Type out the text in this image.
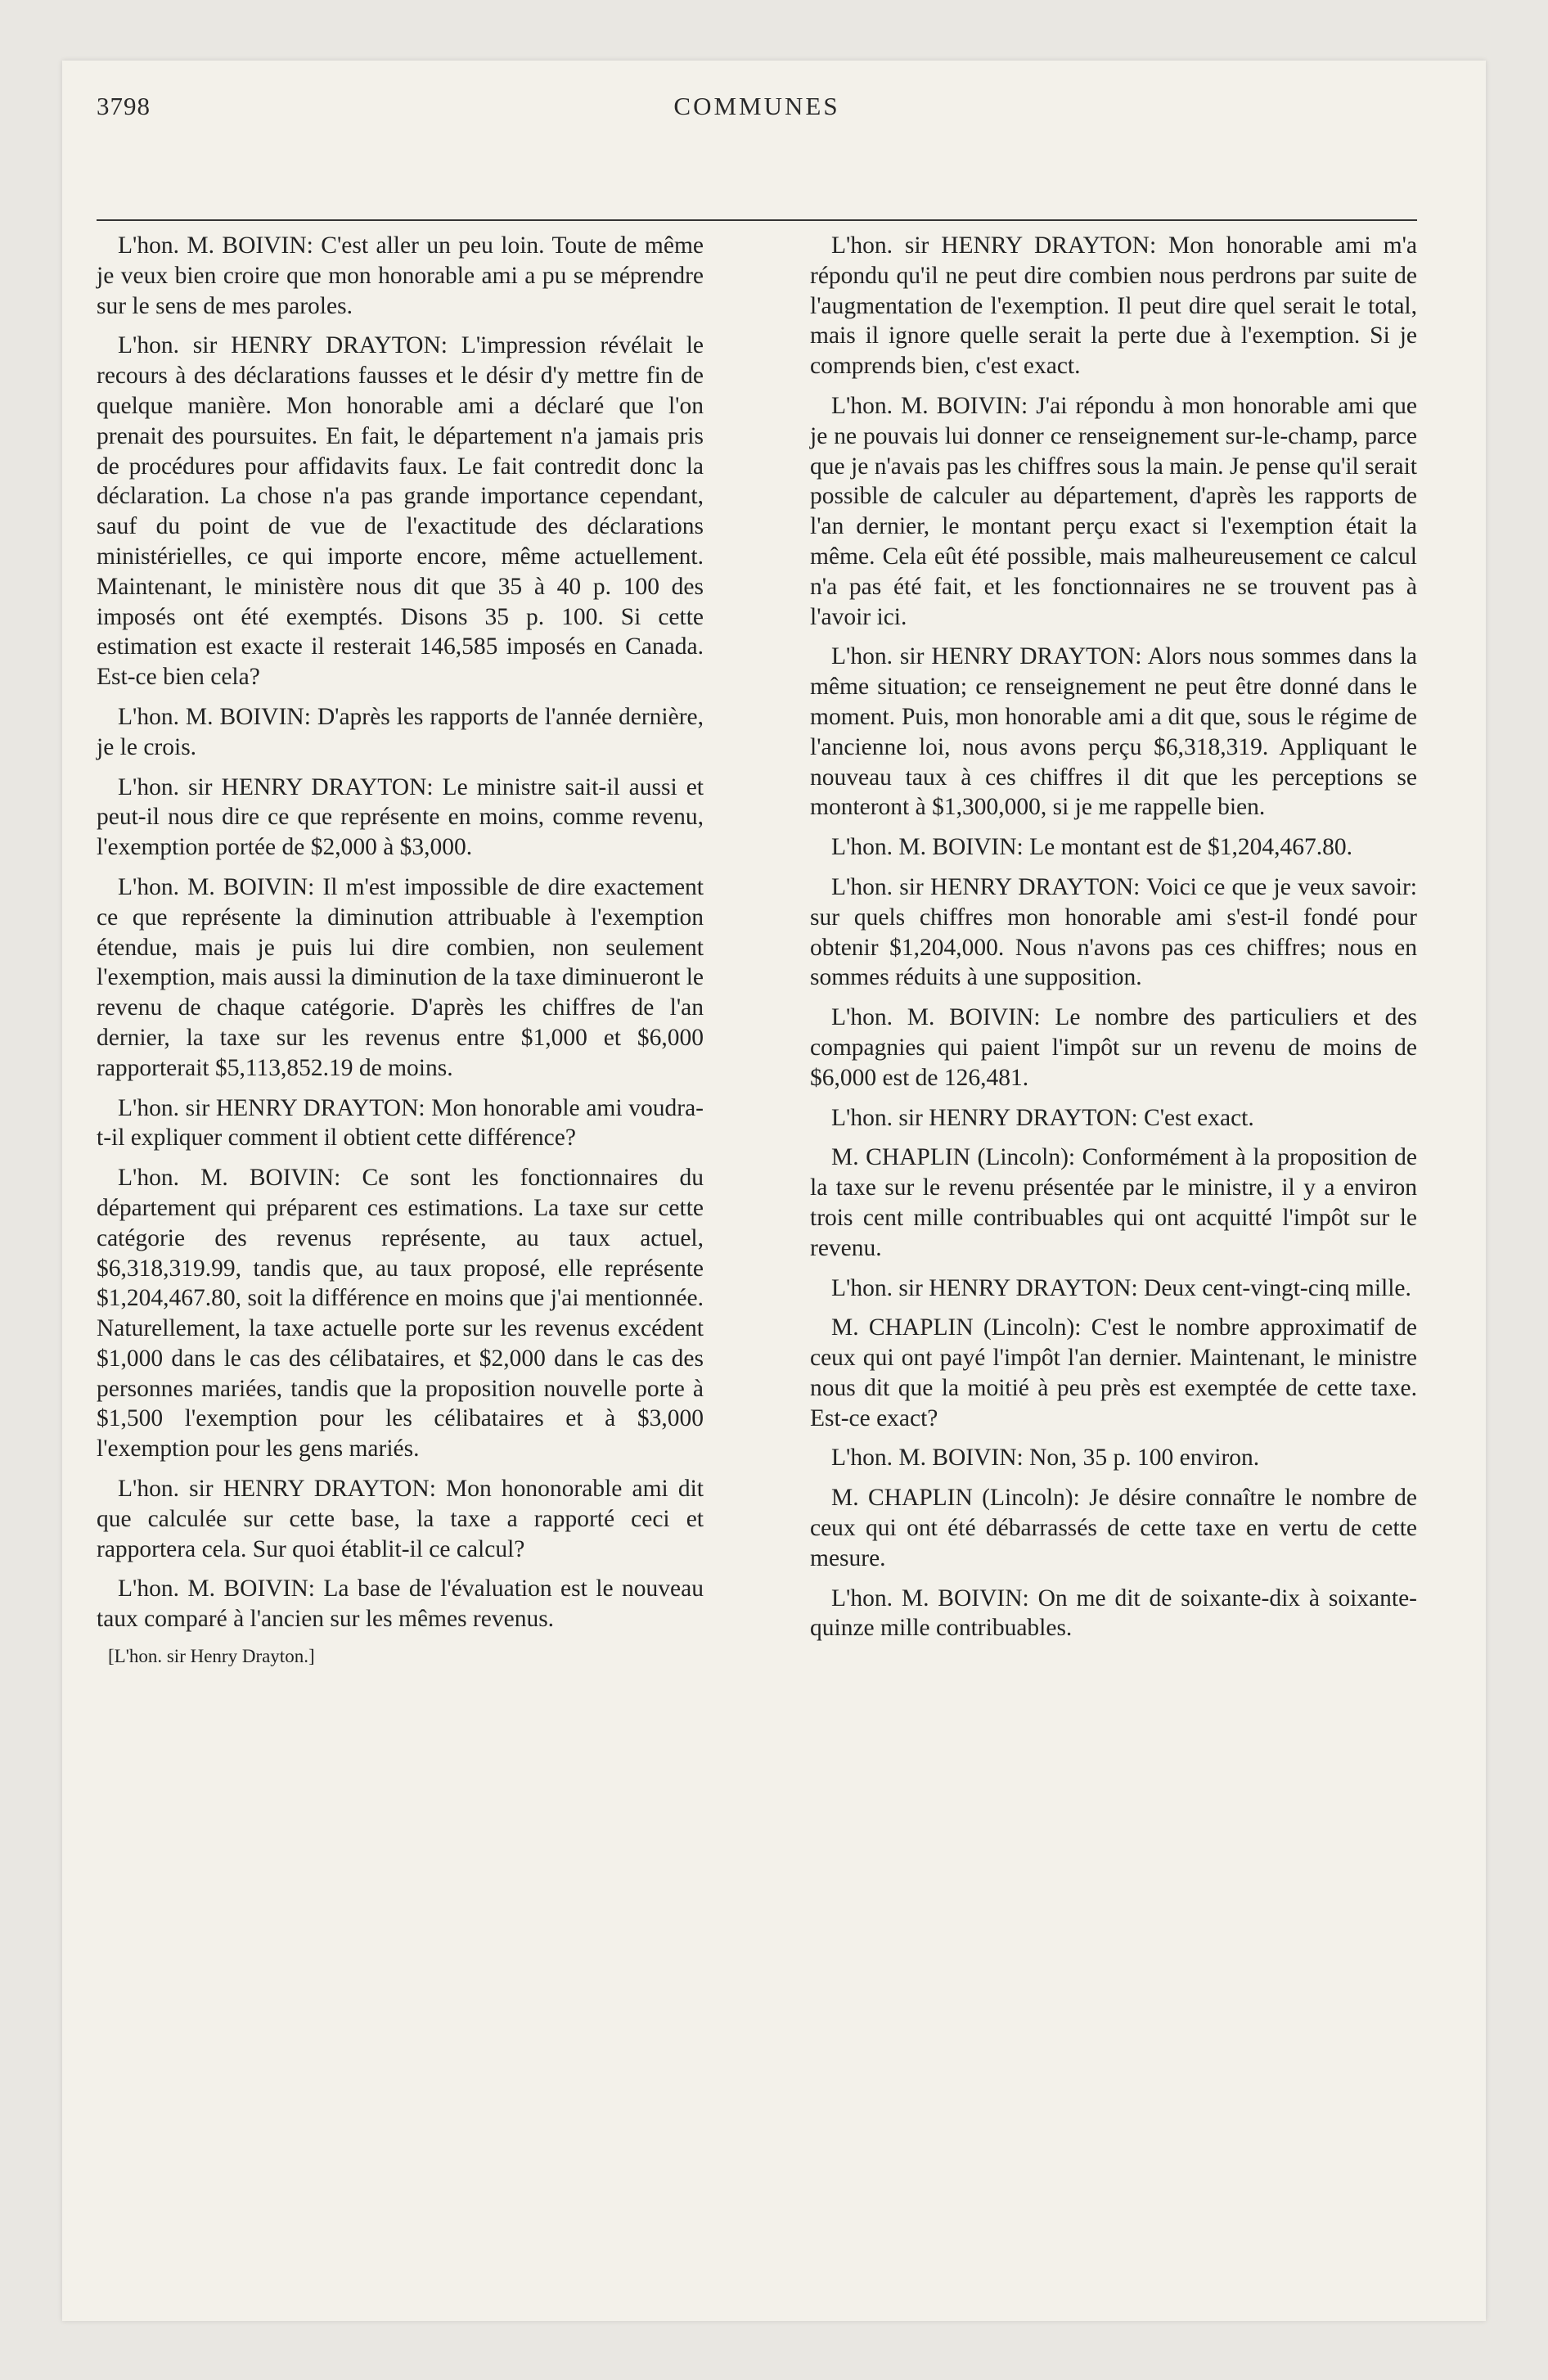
3798	COMMUNES

L'hon. M. BOIVIN: C'est aller un peu loin. Toute de même je veux bien croire que mon honorable ami a pu se méprendre sur le sens de mes paroles.

L'hon. sir HENRY DRAYTON: L'impression révélait le recours à des déclarations fausses et le désir d'y mettre fin de quelque manière. Mon honorable ami a déclaré que l'on prenait des poursuites. En fait, le département n'a jamais pris de procédures pour affidavits faux. Le fait contredit donc la déclaration. La chose n'a pas grande importance cependant, sauf du point de vue de l'exactitude des déclarations ministérielles, ce qui importe encore, même actuellement. Maintenant, le ministère nous dit que 35 à 40 p. 100 des imposés ont été exemptés. Disons 35 p. 100. Si cette estimation est exacte il resterait 146,585 imposés en Canada. Est-ce bien cela?

L'hon. M. BOIVIN: D'après les rapports de l'année dernière, je le crois.

L'hon. sir HENRY DRAYTON: Le ministre sait-il aussi et peut-il nous dire ce que représente en moins, comme revenu, l'exemption portée de $2,000 à $3,000.

L'hon. M. BOIVIN: Il m'est impossible de dire exactement ce que représente la diminution attribuable à l'exemption étendue, mais je puis lui dire combien, non seulement l'exemption, mais aussi la diminution de la taxe diminueront le revenu de chaque catégorie. D'après les chiffres de l'an dernier, la taxe sur les revenus entre $1,000 et $6,000 rapporterait $5,113,852.19 de moins.

L'hon. sir HENRY DRAYTON: Mon honorable ami voudra-t-il expliquer comment il obtient cette différence?

L'hon. M. BOIVIN: Ce sont les fonctionnaires du département qui préparent ces estimations. La taxe sur cette catégorie des revenus représente, au taux actuel, $6,318,319.99, tandis que, au taux proposé, elle représente $1,204,467.80, soit la différence en moins que j'ai mentionnée. Naturellement, la taxe actuelle porte sur les revenus excédent $1,000 dans le cas des célibataires, et $2,000 dans le cas des personnes mariées, tandis que la proposition nouvelle porte à $1,500 l'exemption pour les célibataires et à $3,000 l'exemption pour les gens mariés.

L'hon. sir HENRY DRAYTON: Mon hononorable ami dit que calculée sur cette base, la taxe a rapporté ceci et rapportera cela. Sur quoi établit-il ce calcul?

L'hon. M. BOIVIN: La base de l'évaluation est le nouveau taux comparé à l'ancien sur les mêmes revenus.

[L'hon. sir Henry Drayton.]

L'hon. sir HENRY DRAYTON: Mon honorable ami m'a répondu qu'il ne peut dire combien nous perdrons par suite de l'augmentation de l'exemption. Il peut dire quel serait le total, mais il ignore quelle serait la perte due à l'exemption. Si je comprends bien, c'est exact.

L'hon. M. BOIVIN: J'ai répondu à mon honorable ami que je ne pouvais lui donner ce renseignement sur-le-champ, parce que je n'avais pas les chiffres sous la main. Je pense qu'il serait possible de calculer au département, d'après les rapports de l'an dernier, le montant perçu exact si l'exemption était la même. Cela eût été possible, mais malheureusement ce calcul n'a pas été fait, et les fonctionnaires ne se trouvent pas à l'avoir ici.

L'hon. sir HENRY DRAYTON: Alors nous sommes dans la même situation; ce renseignement ne peut être donné dans le moment. Puis, mon honorable ami a dit que, sous le régime de l'ancienne loi, nous avons perçu $6,318,319. Appliquant le nouveau taux à ces chiffres il dit que les perceptions se monteront à $1,300,000, si je me rappelle bien.

L'hon. M. BOIVIN: Le montant est de $1,204,467.80.

L'hon. sir HENRY DRAYTON: Voici ce que je veux savoir: sur quels chiffres mon honorable ami s'est-il fondé pour obtenir $1,204,000. Nous n'avons pas ces chiffres; nous en sommes réduits à une supposition.

L'hon. M. BOIVIN: Le nombre des particuliers et des compagnies qui paient l'impôt sur un revenu de moins de $6,000 est de 126,481.

L'hon. sir HENRY DRAYTON: C'est exact.

M. CHAPLIN (Lincoln): Conformément à la proposition de la taxe sur le revenu présentée par le ministre, il y a environ trois cent mille contribuables qui ont acquitté l'impôt sur le revenu.

L'hon. sir HENRY DRAYTON: Deux cent-vingt-cinq mille.

M. CHAPLIN (Lincoln): C'est le nombre approximatif de ceux qui ont payé l'impôt l'an dernier. Maintenant, le ministre nous dit que la moitié à peu près est exemptée de cette taxe. Est-ce exact?

L'hon. M. BOIVIN: Non, 35 p. 100 environ.

M. CHAPLIN (Lincoln): Je désire connaître le nombre de ceux qui ont été débarrassés de cette taxe en vertu de cette mesure.

L'hon. M. BOIVIN: On me dit de soixante-dix à soixante-quinze mille contribuables.
